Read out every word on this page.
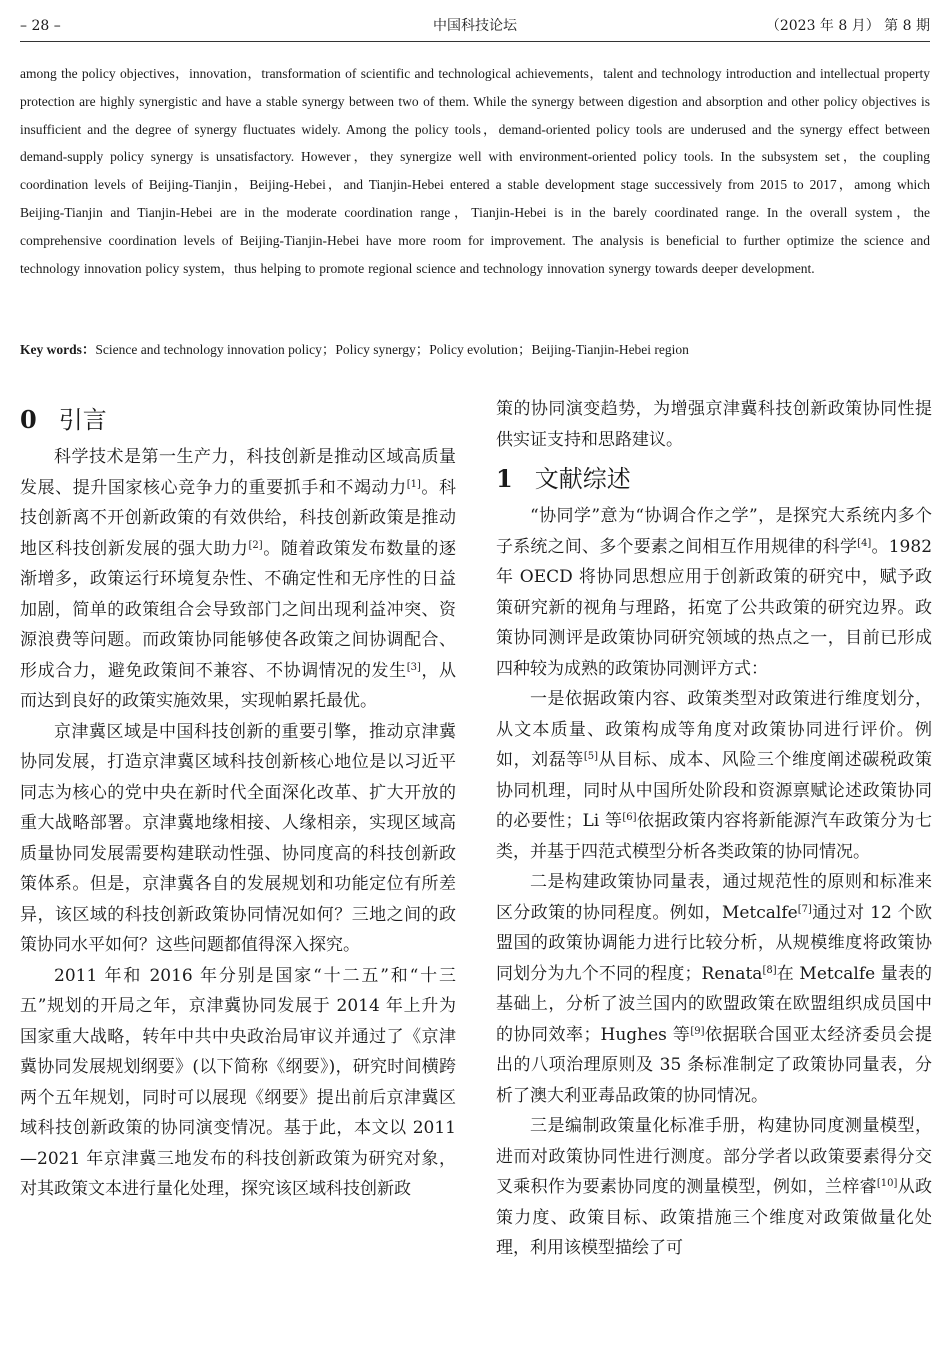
– 28 –	中国科技论坛	（2023 年 8 月） 第 8 期
among the policy objectives，innovation，transformation of scientific and technological achievements，talent and technology introduction and intellectual property protection are highly synergistic and have a stable synergy between two of them. While the synergy between digestion and absorption and other policy objectives is insufficient and the degree of synergy fluctuates widely. Among the policy tools，demand-oriented policy tools are underused and the synergy effect between demand-supply policy synergy is unsatisfactory. However，they synergize well with environment-oriented policy tools. In the subsystem set，the coupling coordination levels of Beijing-Tianjin，Beijing-Hebei，and Tianjin-Hebei entered a stable development stage successively from 2015 to 2017，among which Beijing-Tianjin and Tianjin-Hebei are in the moderate coordination range，Tianjin-Hebei is in the barely coordinated range. In the overall system，the comprehensive coordination levels of Beijing-Tianjin-Hebei have more room for improvement. The analysis is beneficial to further optimize the science and technology innovation policy system，thus helping to promote regional science and technology innovation synergy towards deeper development.
Key words：Science and technology innovation policy；Policy synergy；Policy evolution；Beijing-Tianjin-Hebei region
0 引言

科学技术是第一生产力，科技创新是推动区域高质量发展、提升国家核心竞争力的重要抓手和不竭动力[1]。科技创新离不开创新政策的有效供给，科技创新政策是推动地区科技创新发展的强大助力[2]。随着政策发布数量的逐渐增多，政策运行环境复杂性、不确定性和无序性的日益加剧，简单的政策组合会导致部门之间出现利益冲突、资源浪费等问题。而政策协同能够使各政策之间协调配合、形成合力，避免政策间不兼容、不协调情况的发生[3]，从而达到良好的政策实施效果，实现帕累托最优。

京津冀区域是中国科技创新的重要引擎，推动京津冀协同发展，打造京津冀区域科技创新核心地位是以习近平同志为核心的党中央在新时代全面深化改革、扩大开放的重大战略部署。京津冀地缘相接、人缘相亲，实现区域高质量协同发展需要构建联动性强、协同度高的科技创新政策体系。但是，京津冀各自的发展规划和功能定位有所差异，该区域的科技创新政策协同情况如何？三地之间的政策协同水平如何？这些问题都值得深入探究。

2011 年和 2016 年分别是国家“十二五”和“十三五”规划的开局之年，京津冀协同发展于 2014 年上升为国家重大战略，转年中共中央政治局审议并通过了《京津冀协同发展规划纲要》(以下简称《纲要》)，研究时间横跨两个五年规划，同时可以展现《纲要》提出前后京津冀区域科技创新政策的协同演变情况。基于此，本文以 2011—2021 年京津冀三地发布的科技创新政策为研究对象，对其政策文本进行量化处理，探究该区域科技创新政

策的协同演变趋势，为增强京津冀科技创新政策协同性提供实证支持和思路建议。

1 文献综述

“协同学”意为“协调合作之学”，是探究大系统内多个子系统之间、多个要素之间相互作用规律的科学[4]。1982 年 OECD 将协同思想应用于创新政策的研究中，赋予政策研究新的视角与理路，拓宽了公共政策的研究边界。政策协同测评是政策协同研究领域的热点之一，目前已形成四种较为成熟的政策协同测评方式：

一是依据政策内容、政策类型对政策进行维度划分，从文本质量、政策构成等角度对政策协同进行评价。例如，刘磊等[5]从目标、成本、风险三个维度阐述碳税政策协同机理，同时从中国所处阶段和资源禀赋论述政策协同的必要性；Li 等[6]依据政策内容将新能源汽车政策分为七类，并基于四范式模型分析各类政策的协同情况。

二是构建政策协同量表，通过规范性的原则和标准来区分政策的协同程度。例如，Metcalfe[7]通过对 12 个欧盟国的政策协调能力进行比较分析，从规模维度将政策协同划分为九个不同的程度；Renata[8]在 Metcalfe 量表的基础上，分析了波兰国内的欧盟政策在欧盟组织成员国中的协同效率；Hughes 等[9]依据联合国亚太经济委员会提出的八项治理原则及 35 条标准制定了政策协同量表，分析了澳大利亚毒品政策的协同情况。

三是编制政策量化标准手册，构建协同度测量模型，进而对政策协同性进行测度。部分学者以政策要素得分交叉乘积作为要素协同度的测量模型，例如，兰梓睿[10]从政策力度、政策目标、政策措施三个维度对政策做量化处理，利用该模型描绘了可
